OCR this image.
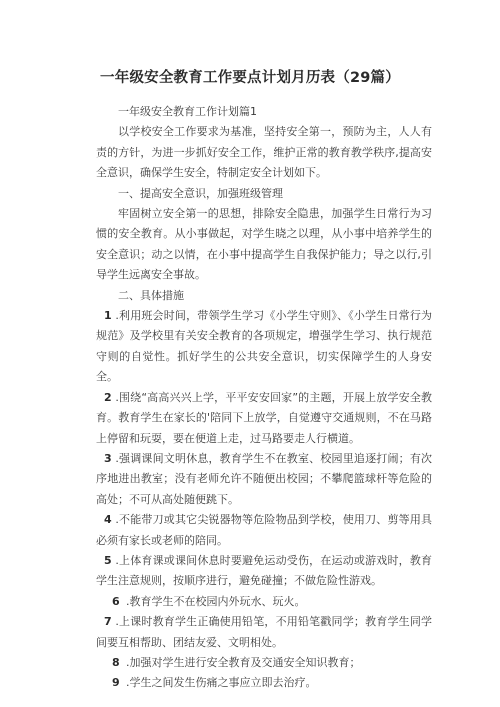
一年级安全教育工作要点计划月历表（29篇）

一年级安全教育工作计划篇1

以学校安全工作要求为基准，坚持安全第一，预防为主，人人有责的方针，为进一步抓好安全工作，维护正常的教育教学秩序,提高安全意识，确保学生安全，特制定安全计划如下。

一、提高安全意识，加强班级管理

牢固树立安全第一的思想，排除安全隐患，加强学生日常行为习惯的安全教育。从小事做起，对学生晓之以理，从小事中培养学生的安全意识；动之以情，在小事中提高学生自我保护能力；导之以行,引导学生远离安全事故。

二、具体措施

1 .利用班会时间，带领学生学习《小学生守则》、《小学生日常行为规范》及学校里有关安全教育的各项规定，增强学生学习、执行规范守则的自觉性。抓好学生的公共安全意识，切实保障学生的人身安全。

2 .围绕“高高兴兴上学，平平安安回家”的主题，开展上放学安全教育。教育学生在家长的'陪同下上放学，自觉遵守交通规则，不在马路上停留和玩耍，要在便道上走，过马路要走人行横道。

3 .强调课间文明休息，教育学生不在教室、校园里追逐打闹；有次序地进出教室；没有老师允许不随便出校园；不攀爬篮球杆等危险的高处；不可从高处随便跳下。

4 .不能带刀或其它尖锐器物等危险物品到学校，使用刀、剪等用具必须有家长或老师的陪同。

5 .上体育课或课间休息时要避免运动受伤，在运动或游戏时，教育学生注意规则，按顺序进行，避免碰撞；不做危险性游戏。

6 .教育学生不在校园内外玩水、玩火。

7 .上课时教育学生正确使用铅笔，不用铅笔戳同学；教育学生同学间要互相帮助、团结友爱、文明相处。

8 .加强对学生进行安全教育及交通安全知识教育；

9 .学生之间发生伤痛之事应立即去治疗。
